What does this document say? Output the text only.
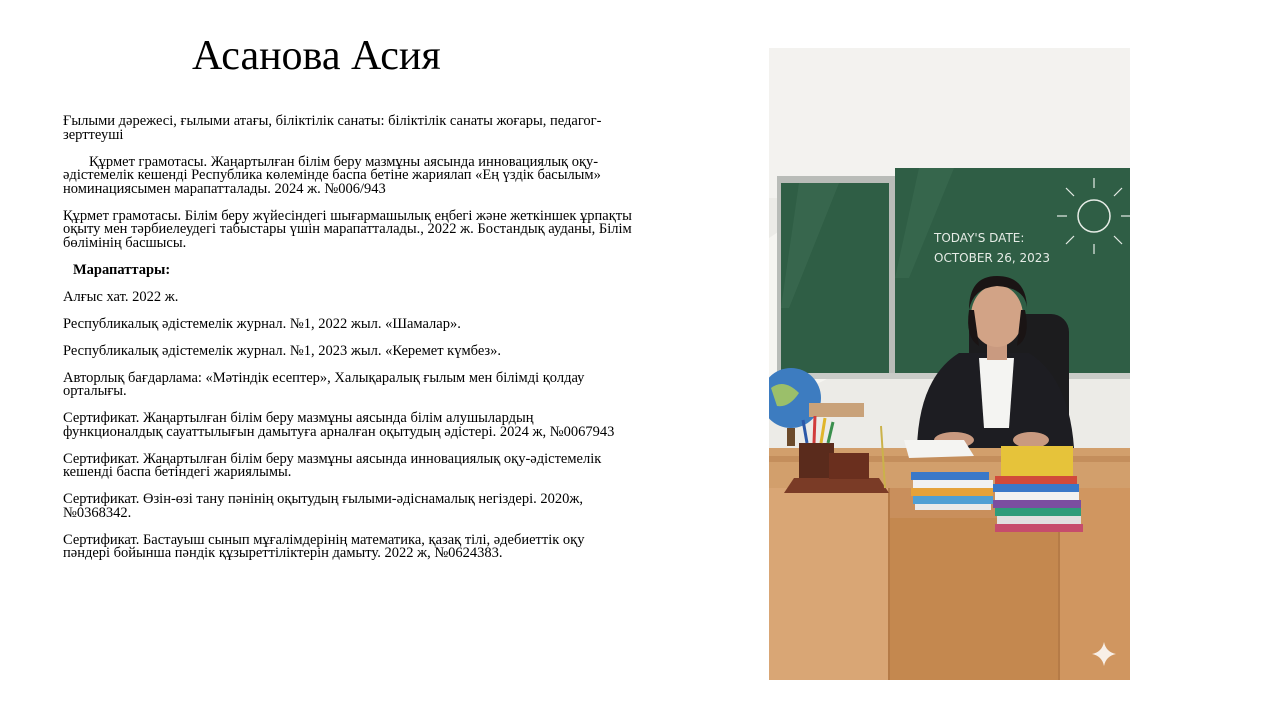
Асанова Асия

Ғылыми дәрежесі, ғылыми атағы, біліктілік санаты: біліктілік санаты жоғары, педагог-зерттеуші

Құрмет грамотасы. Жаңартылған білім беру мазмұны аясында инновациялық оқу- әдістемелік кешенді Республика көлемінде баспа бетіне жариялап «Ең үздік басылым» номинациясымен марапатталады. 2024 ж. №006/943

Құрмет грамотасы. Білім беру жүйесіндегі шығармашылық еңбегі және жеткіншек ұрпақты оқыту мен тәрбиелеудегі табыстары үшін марапатталады., 2022 ж. Бостандық ауданы, Білім бөлімінің басшысы.

Марапаттары:

Алғыс хат. 2022 ж.

Республикалық әдістемелік журнал. №1, 2022 жыл. «Шамалар».

Республикалық әдістемелік журнал. №1, 2023 жыл. «Керемет күмбез».

Авторлық бағдарлама: «Мәтіндік есептер», Халықаралық ғылым мен білімді қолдау орталығы.

Сертификат. Жаңартылған білім беру мазмұны аясында білім алушылардың функционалдық сауаттылығын дамытуға арналған оқытудың әдістері. 2024 ж, №0067943

Сертификат. Жаңартылған білім беру мазмұны аясында инновациялық оқу-әдістемелік кешенді баспа бетіндегі жариялымы.

Сертификат. Өзін-өзі тану пәнінің оқытудың ғылыми-әдіснамалық негіздері. 2020ж, №0368342.

Сертификат. Бастауыш сынып мұғалімдерінің математика, қазақ тілі, әдебиеттік оқу пәндері бойынша пәндік құзыреттіліктерін дамыту. 2022 ж, №0624383.

TODAY'S DATE:
OCTOBER 26, 2023
